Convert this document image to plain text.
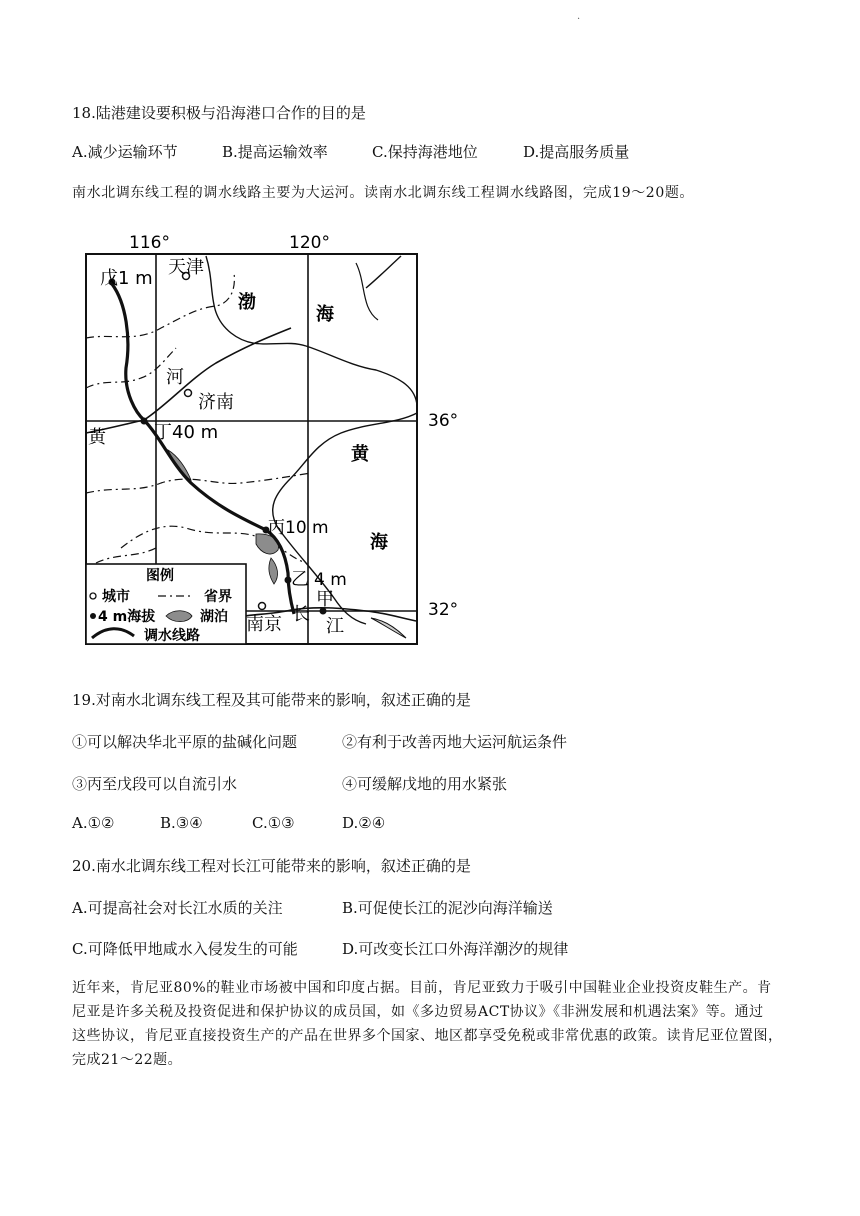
·
18.陆港建设要积极与沿海港口合作的目的是
A.减少运输环节	B.提高运输效率	C.保持海港地位	D.提高服务质量
南水北调东线工程的调水线路主要为大运河。读南水北调东线工程调水线路图，完成19～20题。
116°	120°
36°
32°
戊1 m
天津
渤
海
河
济南
黄	丁40 m
黄
丙10 m
海
乙 4 m
甲
南京 长
江
图例
城市	省界
4 m海拔	湖泊
调水线路
19.对南水北调东线工程及其可能带来的影响，叙述正确的是
①可以解决华北平原的盐碱化问题	②有利于改善丙地大运河航运条件
③丙至戊段可以自流引水	④可缓解戊地的用水紧张
A.①②	B.③④	C.①③	D.②④
20.南水北调东线工程对长江可能带来的影响，叙述正确的是
A.可提高社会对长江水质的关注	B.可促使长江的泥沙向海洋输送
C.可降低甲地咸水入侵发生的可能	D.可改变长江口外海洋潮汐的规律
近年来，肯尼亚80%的鞋业市场被中国和印度占据。目前，肯尼亚致力于吸引中国鞋业企业投资皮鞋生产。肯
尼亚是许多关税及投资促进和保护协议的成员国，如《多边贸易ACT协议》《非洲发展和机遇法案》等。通过
这些协议，肯尼亚直接投资生产的产品在世界多个国家、地区都享受免税或非常优惠的政策。读肯尼亚位置图，
完成21～22题。
